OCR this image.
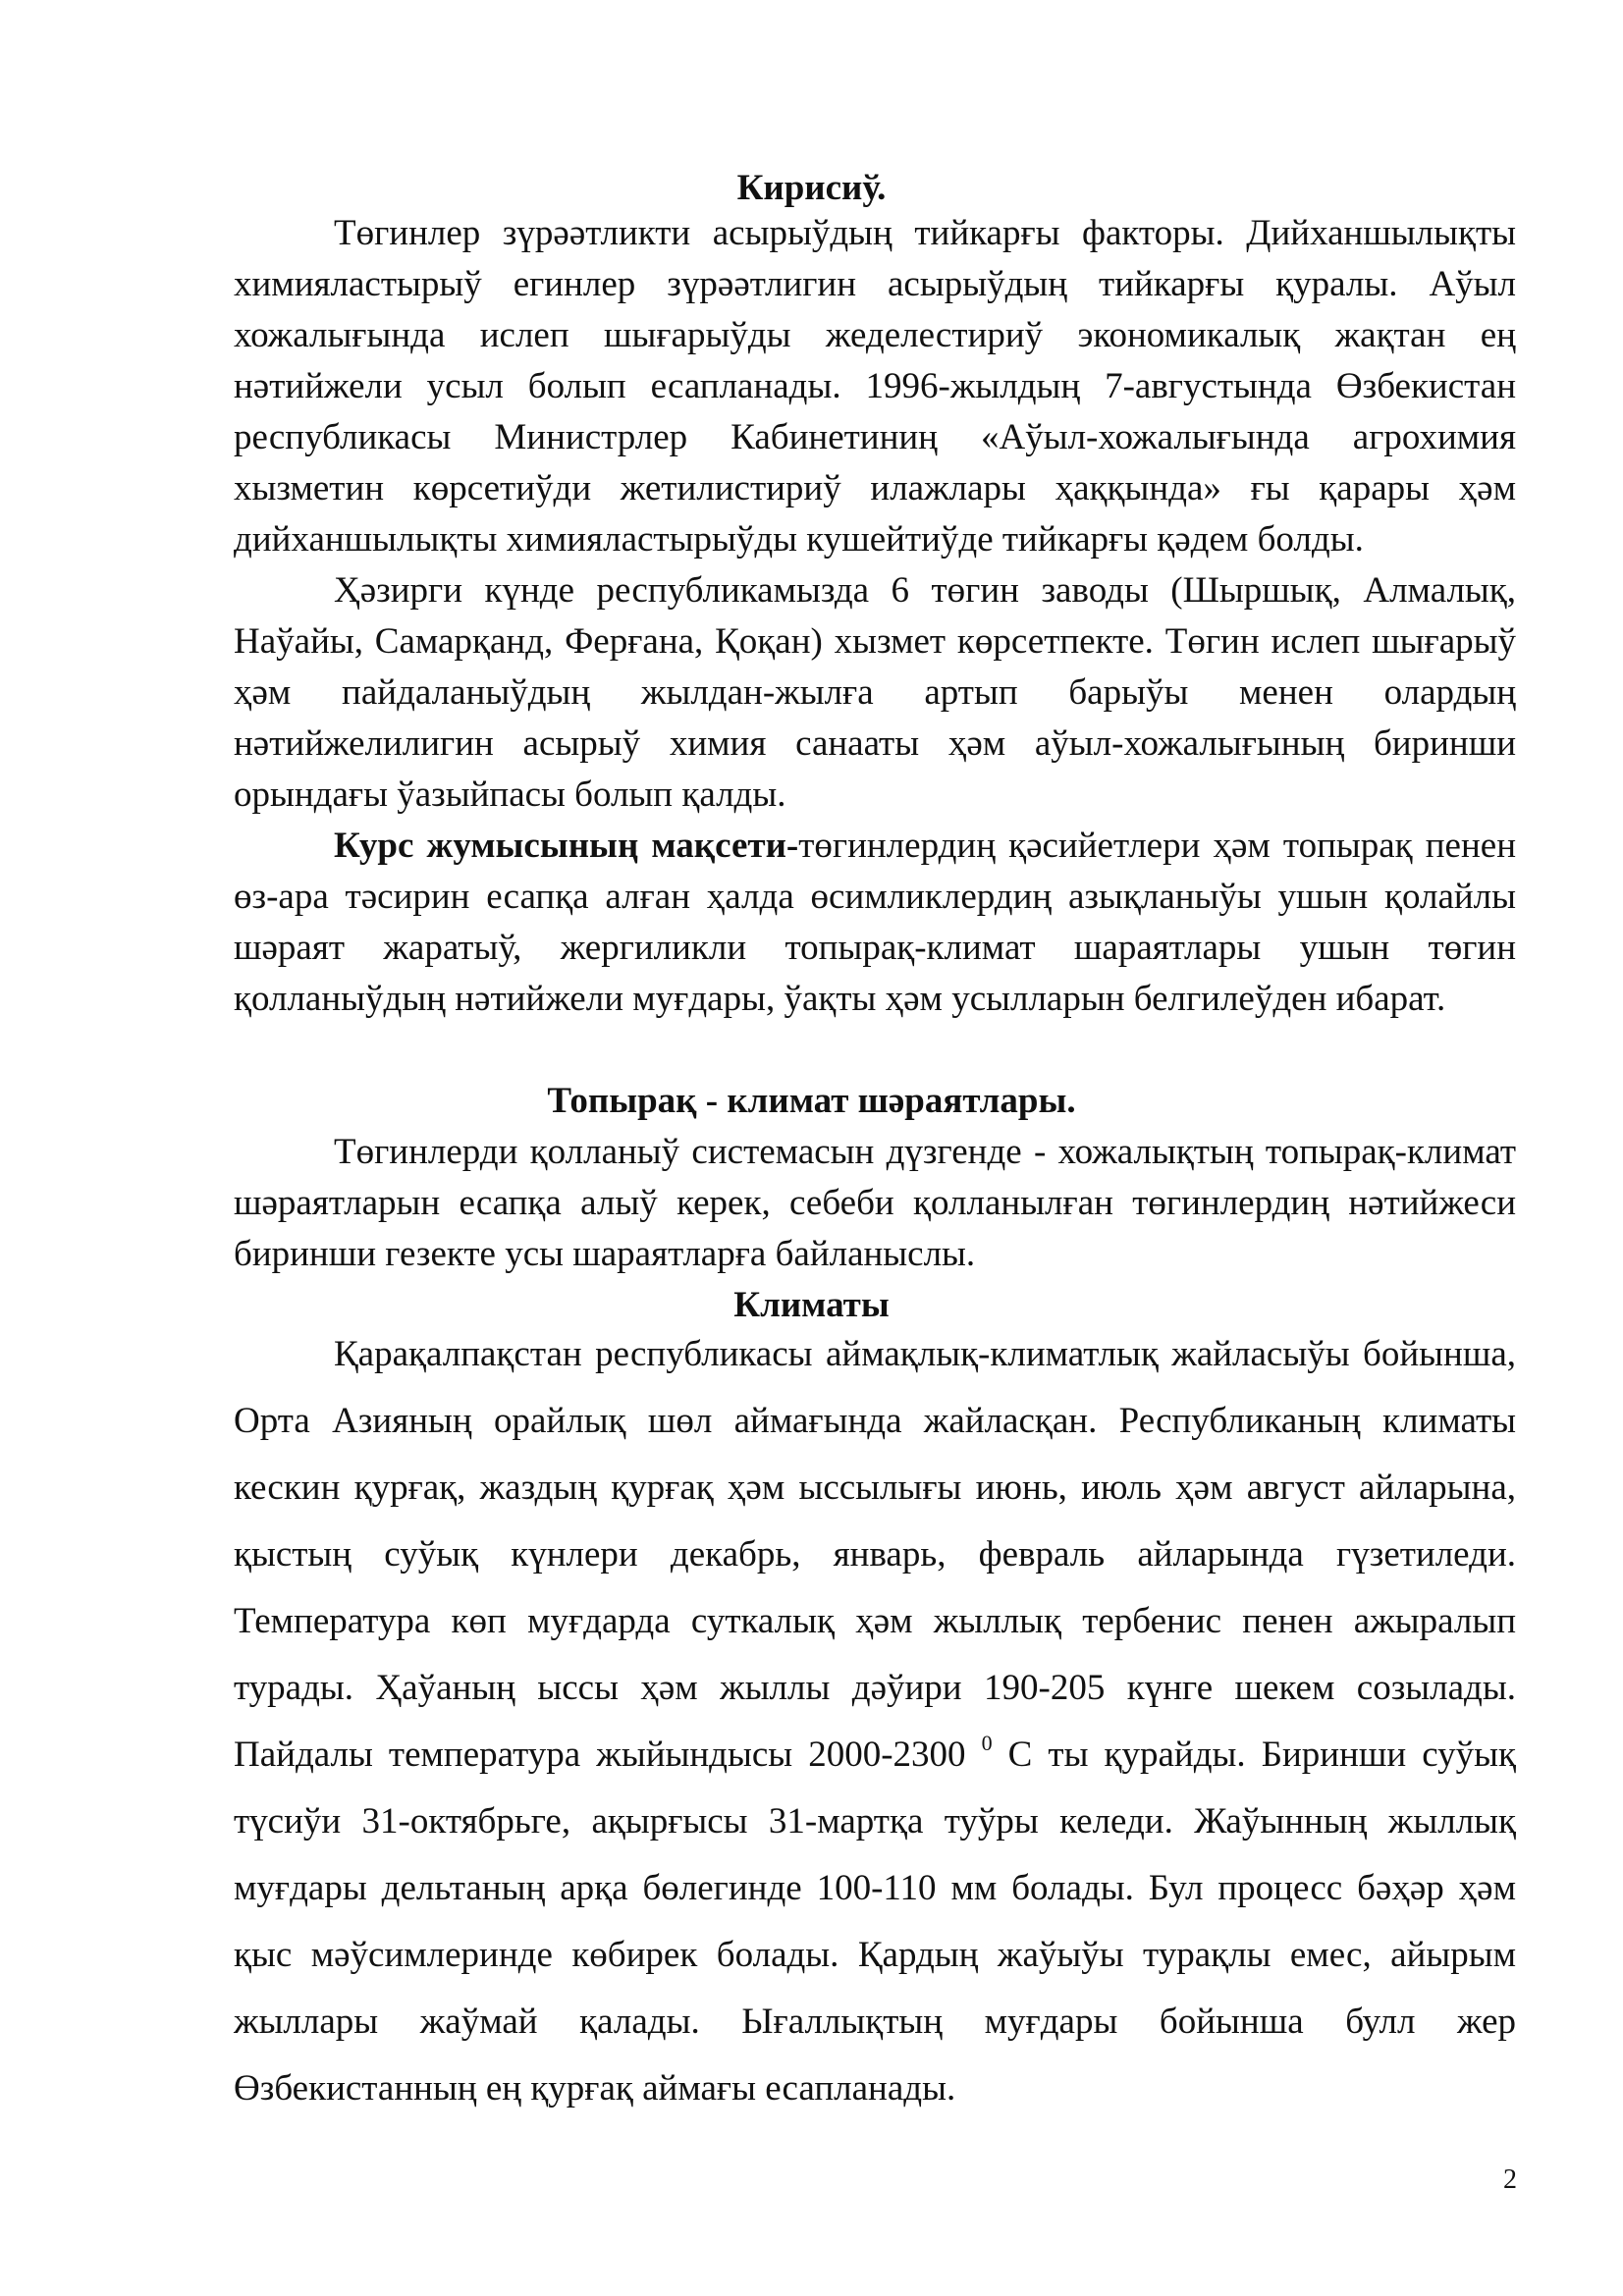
Кирисиў.

Төгинлер зүрәәтликти асырыўдың тийкарғы факторы. Дийханшылықты химияластырыў егинлер зүрәәтлигин асырыўдың тийкарғы қуралы. Аўыл хожалығында ислеп шығарыўды жеделестириў экономикалық жақтан ең нәтийжели усыл болып есапланады. 1996-жылдың 7-августында Өзбекистан республикасы Министрлер Кабинетиниң «Аўыл-хожалығында агрохимия хызметин көрсетиўди жетилистириў илажлары ҳаққында» ғы қарары ҳәм дийханшылықты химияластырыўды кушейтиўде тийкарғы қәдем болды.

Ҳәзирги күнде республикамызда 6 төгин заводы (Шыршық, Алмалық, Наўайы, Самарқанд, Ферғана, Қоқан) хызмет көрсетпекте. Төгин ислеп шығарыў ҳәм пайдаланыўдың жылдан-жылға артып барыўы менен олардың нәтийжелилигин асырыў химия санааты ҳәм аўыл-хожалығының биринши орындағы ўазыйпасы болып қалды.

Курс жумысының мақсети-төгинлердиң қәсийетлери ҳәм топырақ пенен өз-ара тәсирин есапқа алған ҳалда өсимликлердиң азықланыўы ушын қолайлы шәраят жаратыў, жергиликли топырақ-климат шараятлары ушын төгин қолланыўдың нәтийжели муғдары, ўақты ҳәм усылларын белгилеўден ибарат.

Топырақ - климат шәраятлары.

Төгинлерди қолланыў системасын дүзгенде - хожалықтың топырақ-климат шәраятларын есапқа алыў керек, себеби қолланылған төгинлердиң нәтийжеси биринши гезекте усы шараятларға байланыслы.

Климаты

Қарақалпақстан республикасы аймақлық-климатлық жайласыўы бойынша, Орта Азияның орайлық шөл аймағында жайласқан. Республиканың климаты кескин қурғақ, жаздың қурғақ ҳәм ыссылығы июнь, июль ҳәм август айларына, қыстың суўық күнлери декабрь, январь, февраль айларында гүзетиледи. Температура көп муғдарда суткалық ҳәм жыллық тербенис пенен ажыралып турады. Ҳаўаның ыссы ҳәм жыллы дәўири 190-205 күнге шекем созылады. Пайдалы температура жыйындысы 2000-2300 $^0$ С ты қурайды. Биринши суўық түсиўи 31-октябрьге, ақырғысы 31-мартқа туўры келеди. Жаўынның жыллық муғдары дельтаның арқа бөлегинде 100-110 мм болады. Бул процесс бәҳәр ҳәм қыс мәўсимлеринде көбирек болады. Қардың жаўыўы турақлы емес, айырым жыллары жаўмай қалады. Ығаллықтың муғдары бойынша булл жер Өзбекистанның ең қурғақ аймағы есапланады.

2
